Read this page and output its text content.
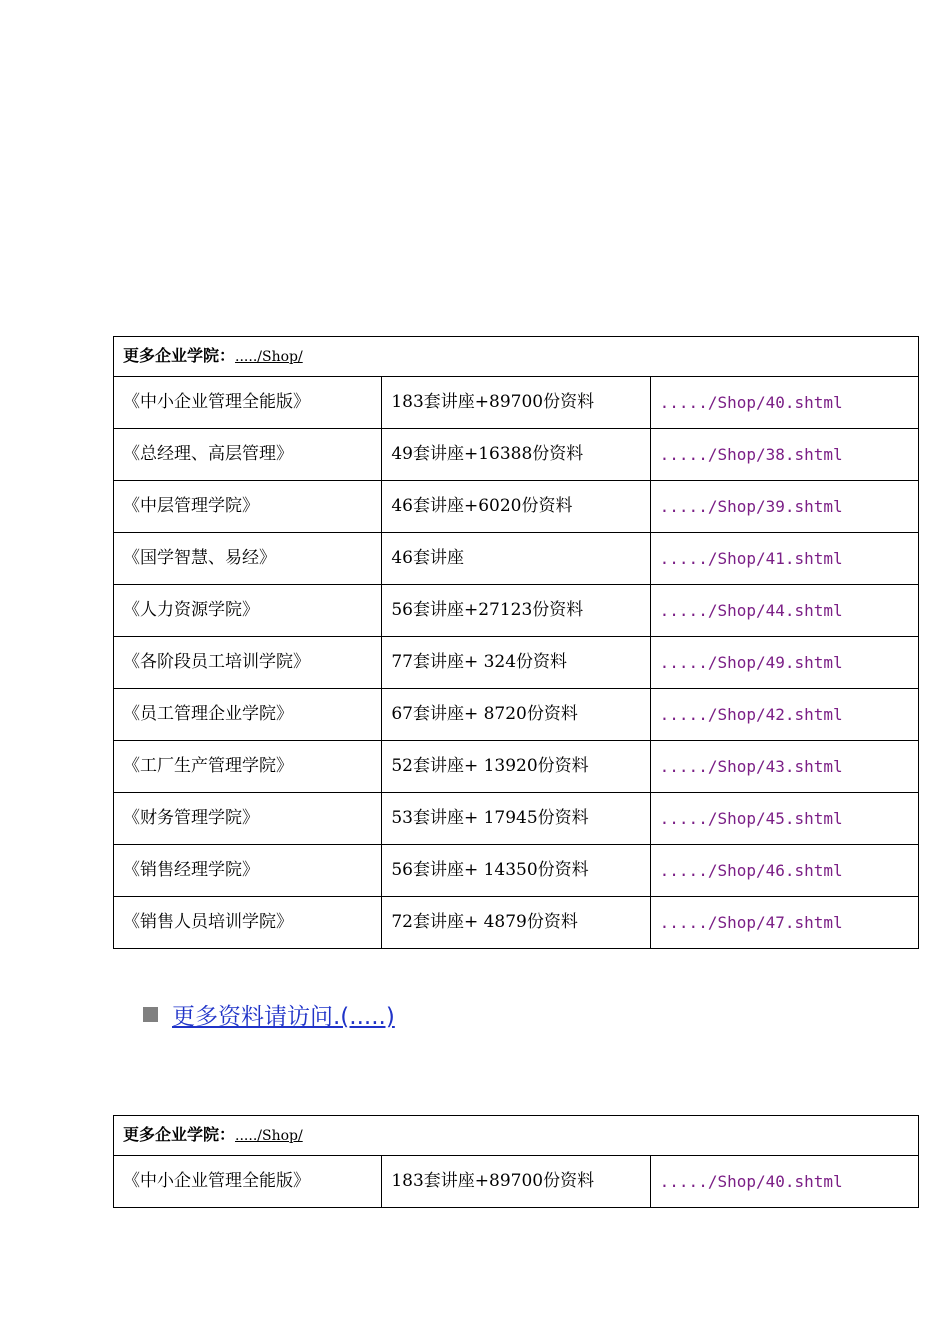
更多企业学院：...../Shop/		
《中小企业管理全能版》	183套讲座+89700份资料	...../Shop/40.shtml
《总经理、高层管理》	49套讲座+16388份资料	...../Shop/38.shtml
《中层管理学院》	46套讲座+6020份资料	...../Shop/39.shtml
《国学智慧、易经》	46套讲座	...../Shop/41.shtml
《人力资源学院》	56套讲座+27123份资料	...../Shop/44.shtml
《各阶段员工培训学院》	77套讲座+ 324份资料	...../Shop/49.shtml
《员工管理企业学院》	67套讲座+ 8720份资料	...../Shop/42.shtml
《工厂生产管理学院》	52套讲座+ 13920份资料	...../Shop/43.shtml
《财务管理学院》	53套讲座+ 17945份资料	...../Shop/45.shtml
《销售经理学院》	56套讲座+ 14350份资料	...../Shop/46.shtml
《销售人员培训学院》	72套讲座+ 4879份资料	...../Shop/47.shtml
更多资料请访问.(.....)
更多企业学院：...../Shop/
《中小企业管理全能版》	183套讲座+89700份资料	...../Shop/40.shtml
